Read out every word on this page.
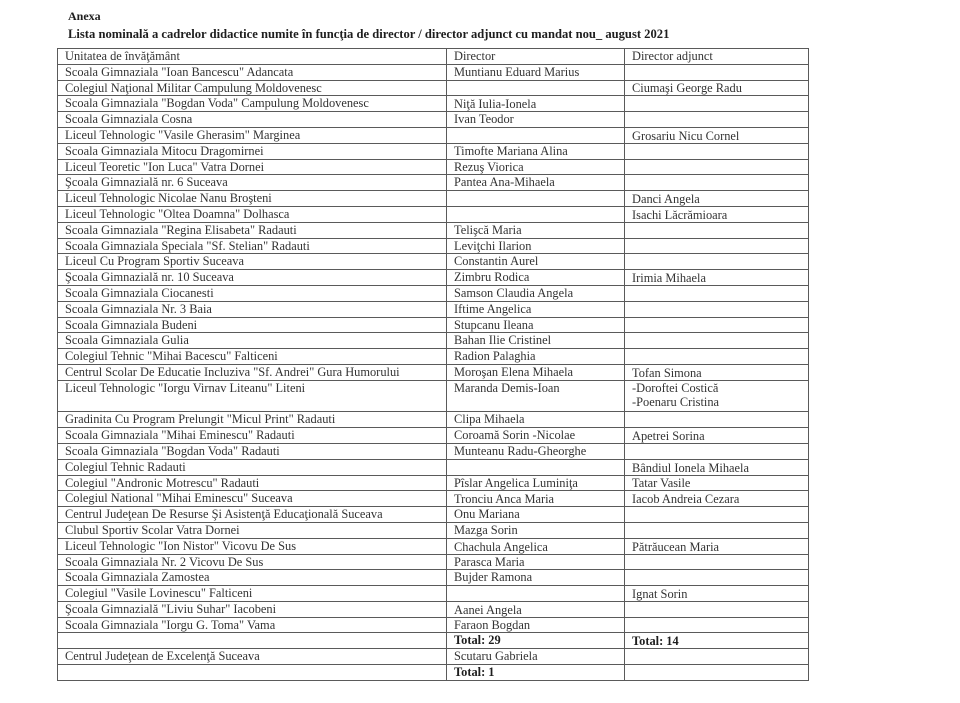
Anexa
Lista nominală a cadrelor didactice numite în funcţia de director / director adjunct cu mandat nou_ august 2021
Unitatea de învăţământ	Director	Director adjunct
Scoala Gimnaziala "Ioan Bancescu" Adancata	Muntianu Eduard Marius	
Colegiul Naţional Militar Campulung Moldovenesc		Ciumaşi George Radu
Scoala Gimnaziala "Bogdan Voda" Campulung Moldovenesc	Niţă Iulia-Ionela	
Scoala Gimnaziala Cosna	Ivan Teodor	
Liceul Tehnologic "Vasile Gherasim" Marginea		Grosariu Nicu Cornel
Scoala Gimnaziala Mitocu Dragomirnei	Timofte Mariana Alina	
Liceul Teoretic "Ion Luca" Vatra Dornei	Rezuş Viorica	
Şcoala Gimnazială nr. 6 Suceava	Pantea Ana-Mihaela	
Liceul Tehnologic Nicolae Nanu Broşteni		Danci Angela
Liceul Tehnologic "Oltea Doamna" Dolhasca		Isachi Lăcrămioara
Scoala Gimnaziala "Regina Elisabeta" Radauti	Telişcă Maria	
Scoala Gimnaziala Speciala "Sf. Stelian" Radauti	Leviţchi Ilarion	
Liceul Cu Program Sportiv Suceava	Constantin Aurel	
Şcoala Gimnazială nr. 10 Suceava	Zimbru Rodica	Irimia Mihaela
Scoala Gimnaziala Ciocanesti	Samson Claudia Angela	
Scoala Gimnaziala Nr. 3 Baia	Iftime Angelica	
Scoala Gimnaziala Budeni	Stupcanu Ileana	
Scoala Gimnaziala Gulia	Bahan Ilie Cristinel	
Colegiul Tehnic "Mihai Bacescu" Falticeni	Radion Palaghia	
Centrul Scolar De Educatie Incluziva "Sf. Andrei" Gura Humorului	Moroşan Elena Mihaela	Tofan Simona
Liceul Tehnologic "Iorgu Virnav Liteanu" Liteni	Maranda Demis-Ioan	-Doroftei Costică
-Poenaru Cristina

Gradinita Cu Program Prelungit "Micul Print" Radauti	Clipa Mihaela	
Scoala Gimnaziala "Mihai Eminescu" Radauti	Coroamă Sorin -Nicolae	Apetrei Sorina
Scoala Gimnaziala "Bogdan Voda" Radauti	Munteanu Radu-Gheorghe	
Colegiul Tehnic Radauti		Bândiul Ionela Mihaela
Colegiul "Andronic Motrescu" Radauti	Pîslar Angelica Luminiţa	Tatar Vasile
Colegiul National "Mihai Eminescu" Suceava	Tronciu Anca Maria	Iacob Andreia Cezara
Centrul Judeţean De Resurse Şi Asistenţă Educaţională Suceava	Onu Mariana	
Clubul Sportiv Scolar Vatra Dornei	Mazga Sorin	
Liceul Tehnologic "Ion Nistor" Vicovu De Sus	Chachula Angelica	Pătrăucean Maria
Scoala Gimnaziala Nr. 2 Vicovu De Sus	Parasca Maria	
Scoala Gimnaziala Zamostea	Bujder Ramona	
Colegiul "Vasile Lovinescu" Falticeni		Ignat Sorin
Şcoala Gimnazială "Liviu Suhar" Iacobeni	Aanei Angela	
Scoala Gimnaziala "Iorgu G. Toma" Vama	Faraon Bogdan	
	Total: 29	Total: 14
Centrul Judeţean de Excelenţă Suceava	Scutaru Gabriela	
	Total: 1	
